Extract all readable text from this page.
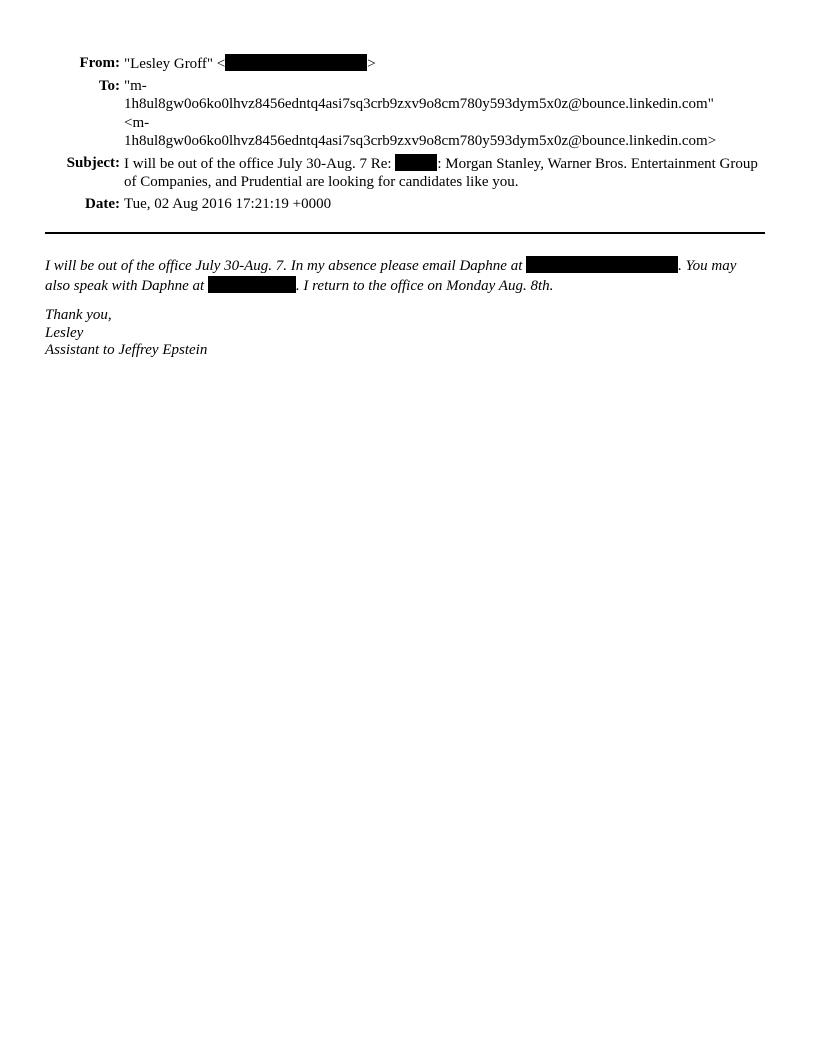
From:	"Lesley Groff" < >
To:	"m-
1h8ul8gw0o6ko0lhvz8456edntq4asi7sq3crb9zxv9o8cm780y593dym5x0z@bounce.linkedin.com"
<m-
1h8ul8gw0o6ko0lhvz8456edntq4asi7sq3crb9zxv9o8cm780y593dym5x0z@bounce.linkedin.com>

Subject:	I will be out of the office July 30-Aug. 7 Re: : Morgan Stanley, Warner Bros. Entertainment Group of Companies, and Prudential are looking for candidates like you.
Date:	Tue, 02 Aug 2016 17:21:19 +0000

I will be out of the office July 30-Aug. 7. In my absence please email Daphne at	. You may also speak with Daphne at	. I return to the office on Monday Aug. 8th.

Thank you,

Lesley

Assistant to Jeffrey Epstein
